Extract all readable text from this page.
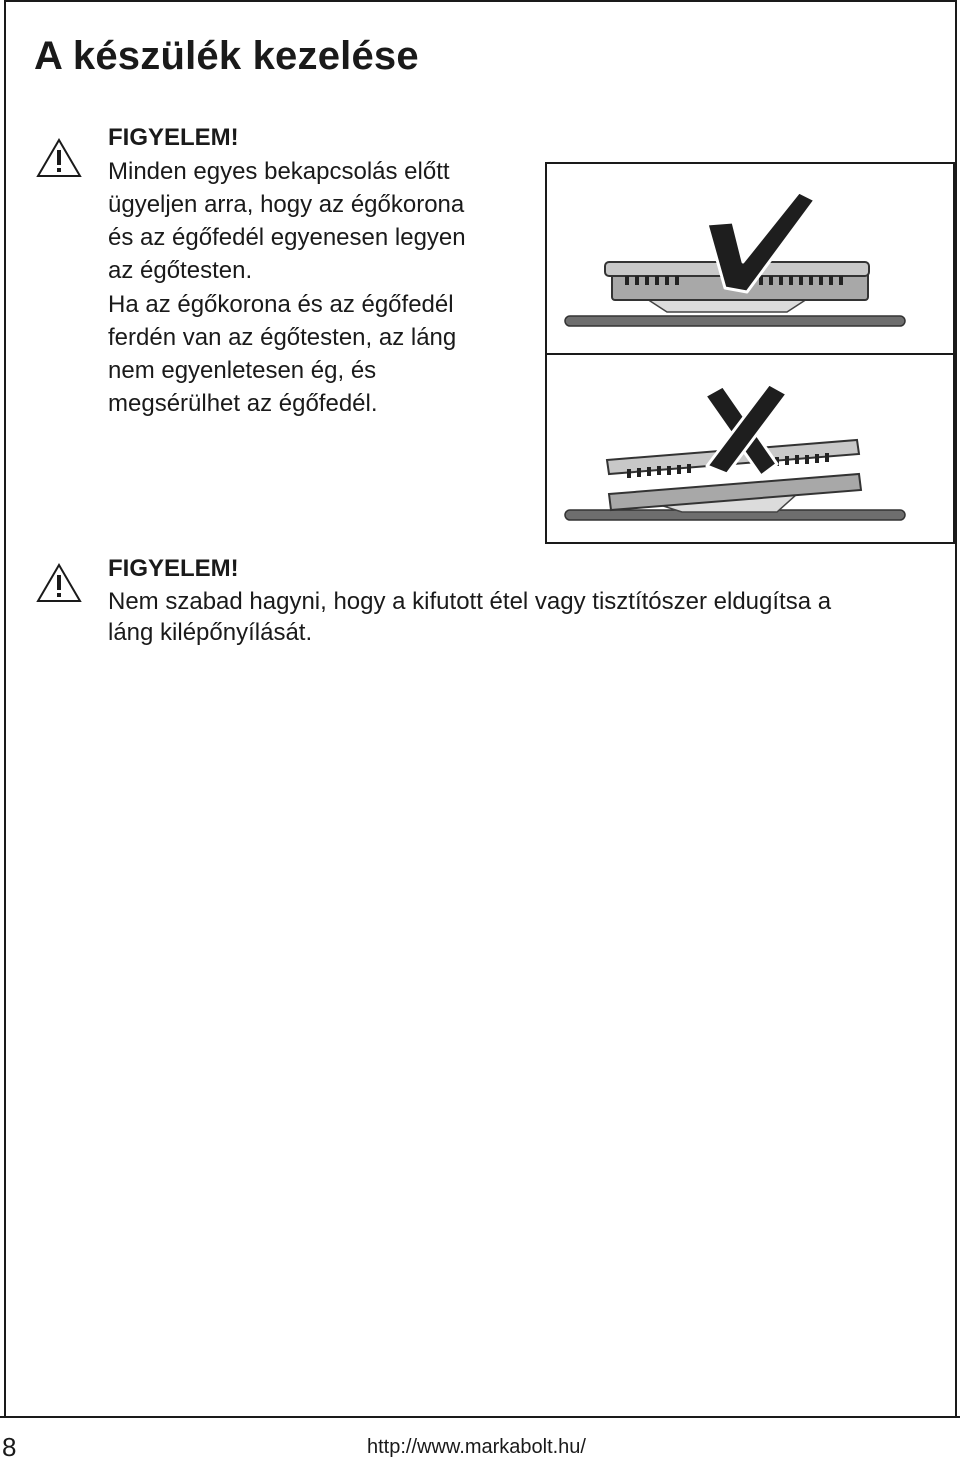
A készülék kezelése

FIGYELEM!

Minden egyes bekapcsolás előtt
ügyeljen arra, hogy az égőkorona
és az égőfedél egyenesen legyen
az égőtesten.
Ha az égőkorona és az égőfedél
ferdén van az égőtesten, az láng
nem egyenletesen ég, és
megsérülhet az égőfedél.

FIGYELEM!

Nem szabad hagyni, hogy a kifutott étel vagy tisztítószer eldugítsa a
láng kilépőnyílását.
8	http://www.markabolt.hu/
